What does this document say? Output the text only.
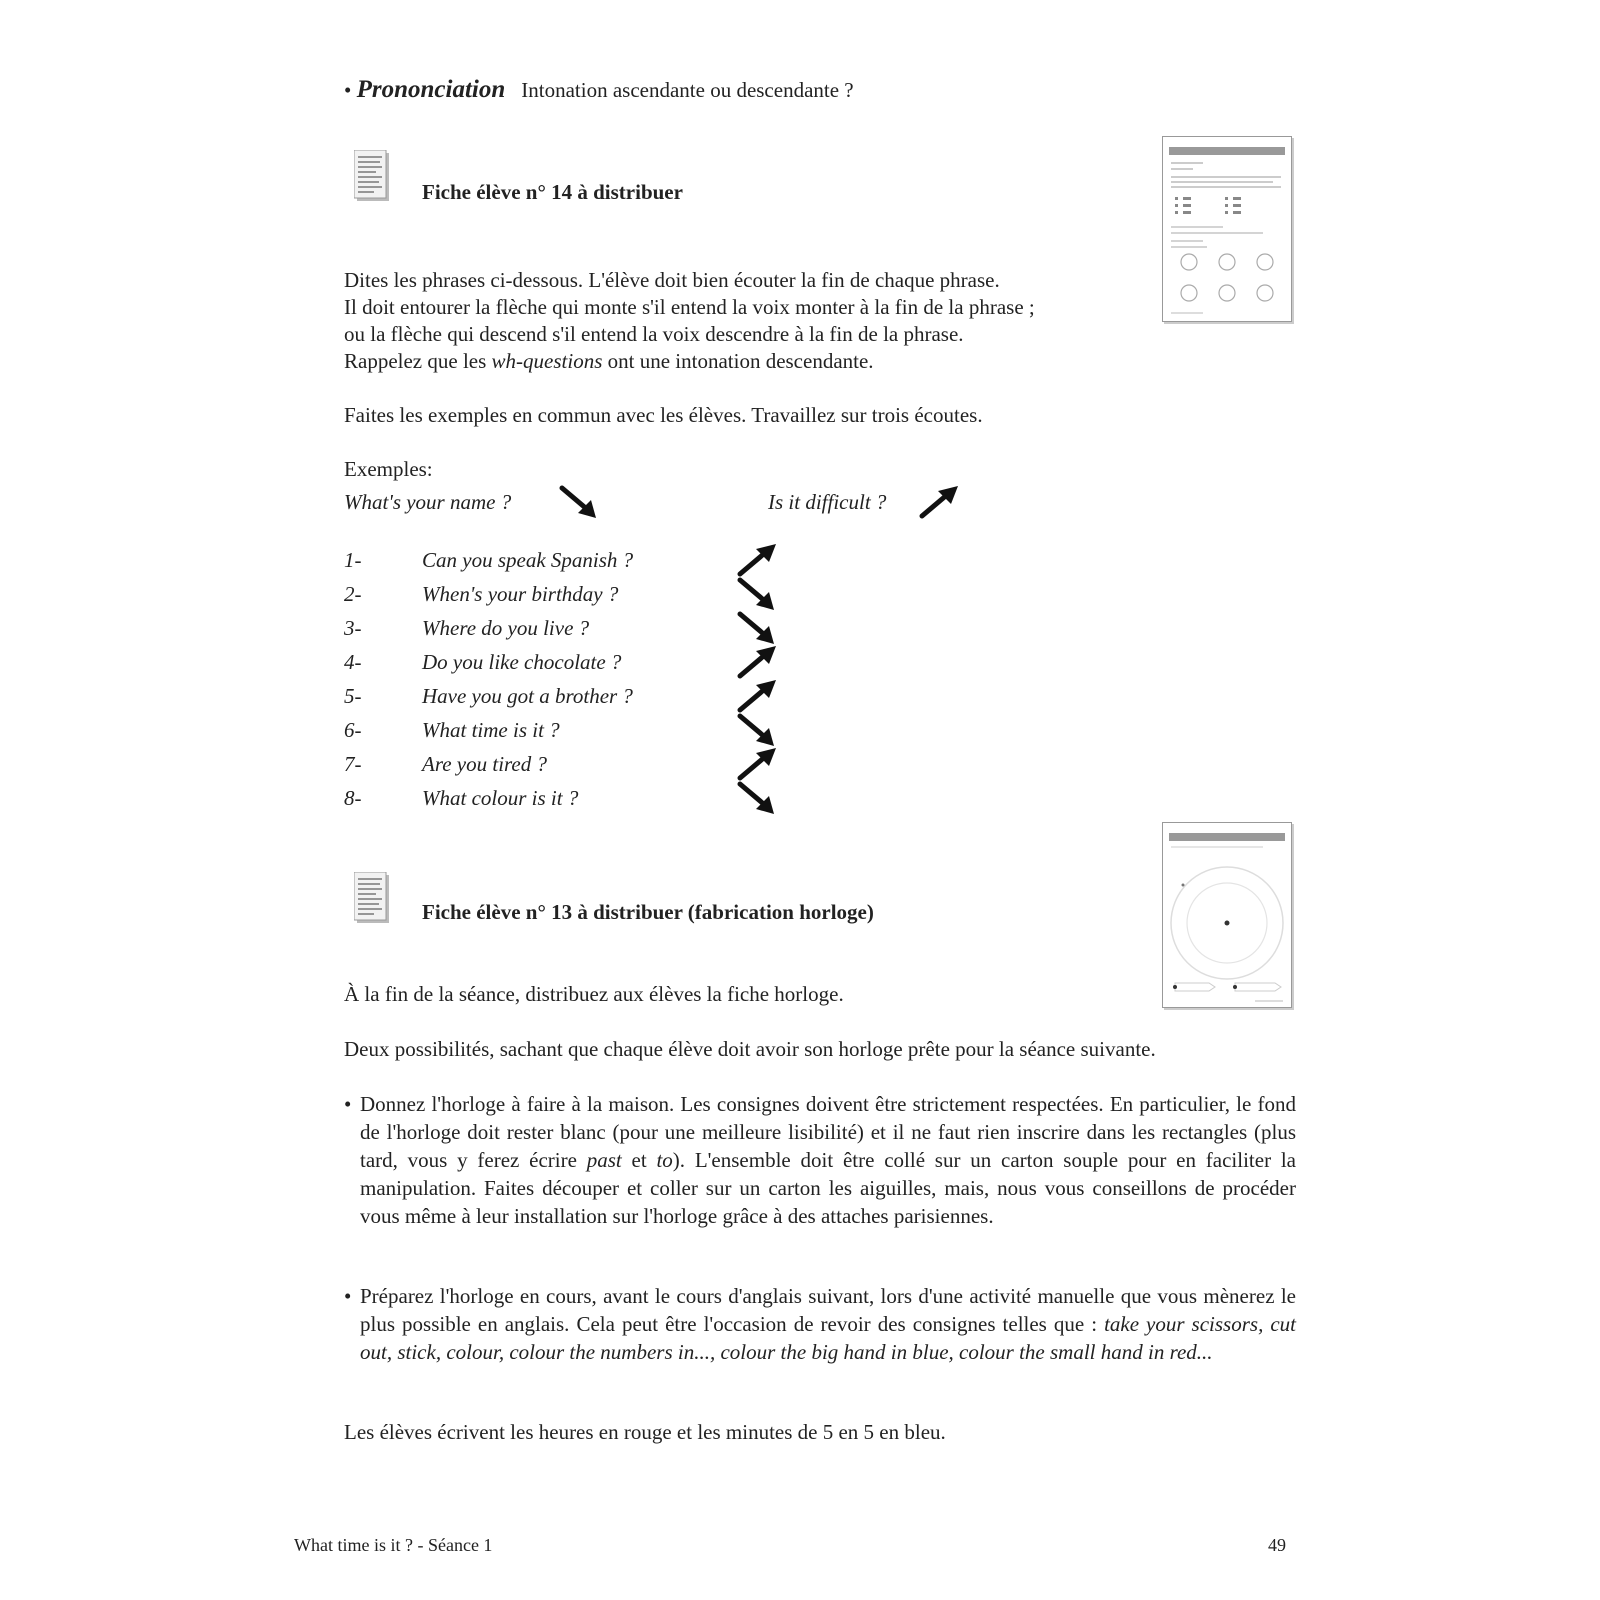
• Prononciation Intonation ascendante ou descendante ?
Fiche élève n° 14 à distribuer
Dites les phrases ci-dessous. L'élève doit bien écouter la fin de chaque phrase.
Il doit entourer la flèche qui monte s'il entend la voix monter à la fin de la phrase ;
ou la flèche qui descend s'il entend la voix descendre à la fin de la phrase.
Rappelez que les wh-questions ont une intonation descendante.
Faites les exemples en commun avec les élèves. Travaillez sur trois écoutes.
Exemples:
What's your name ?	Is it difficult ?
1-	Can you speak Spanish ?
2-	When's your birthday ?
3-	Where do you live ?
4-	Do you like chocolate ?
5-	Have you got a brother ?
6-	What time is it ?
7-	Are you tired ?
8-	What colour is it ?
Fiche élève n° 13 à distribuer (fabrication horloge)
À la fin de la séance, distribuez aux élèves la fiche horloge.
Deux possibilités, sachant que chaque élève doit avoir son horloge prête pour la séance suivante.
• Donnez l'horloge à faire à la maison. Les consignes doivent être strictement respectées. En particulier, le fond de l'horloge doit rester blanc (pour une meilleure lisibilité) et il ne faut rien inscrire dans les rectangles (plus tard, vous y ferez écrire past et to). L'ensemble doit être collé sur un carton souple pour en faciliter la manipulation. Faites découper et coller sur un carton les aiguilles, mais, nous vous conseillons de procéder vous même à leur installation sur l'horloge grâce à des attaches parisiennes.
• Préparez l'horloge en cours, avant le cours d'anglais suivant, lors d'une activité manuelle que vous mènerez le plus possible en anglais. Cela peut être l'occasion de revoir des consignes telles que : take your scissors, cut out, stick, colour, colour the numbers in..., colour the big hand in blue, colour the small hand in red...
Les élèves écrivent les heures en rouge et les minutes de 5 en 5 en bleu.
What time is it ? - Séance 1	49
